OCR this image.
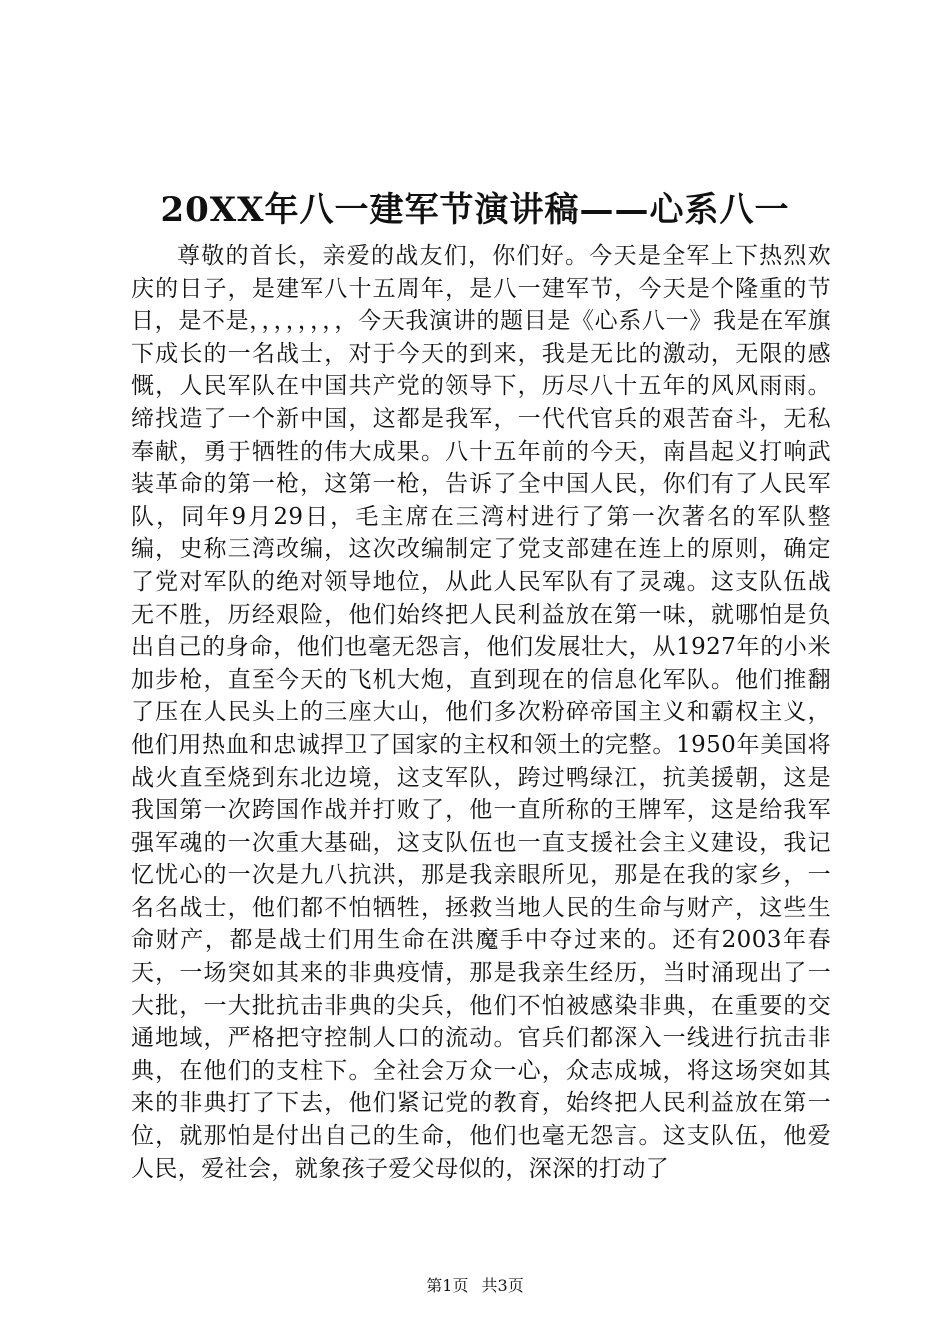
20XX年八一建军节演讲稿——心系八一

尊敬的首长，亲爱的战友们，你们好。今天是全军上下热烈欢庆的日子，是建军八十五周年，是八一建军节，今天是个隆重的节日，是不是，，，，，，，，今天我演讲的题目是《心系八一》我是在军旗下成长的一名战士，对于今天的到来，我是无比的激动，无限的感慨，人民军队在中国共产党的领导下，历尽八十五年的风风雨雨。缔找造了一个新中国，这都是我军，一代代官兵的艰苦奋斗，无私奉献，勇于牺牲的伟大成果。八十五年前的今天，南昌起义打响武装革命的第一枪，这第一枪，告诉了全中国人民，你们有了人民军队，同年9月29日，毛主席在三湾村进行了第一次著名的军队整编，史称三湾改编，这次改编制定了党支部建在连上的原则，确定了党对军队的绝对领导地位，从此人民军队有了灵魂。这支队伍战无不胜，历经艰险，他们始终把人民利益放在第一味，就哪怕是负出自己的身命，他们也毫无怨言，他们发展壮大，从1927年的小米加步枪，直至今天的飞机大炮，直到现在的信息化军队。他们推翻了压在人民头上的三座大山，他们多次粉碎帝国主义和霸权主义，他们用热血和忠诚捍卫了国家的主权和领土的完整。1950年美国将战火直至烧到东北边境，这支军队，跨过鸭绿江，抗美援朝，这是我国第一次跨国作战并打败了，他一直所称的王牌军，这是给我军强军魂的一次重大基础，这支队伍也一直支援社会主义建设，我记忆忧心的一次是九八抗洪，那是我亲眼所见，那是在我的家乡，一名名战士，他们都不怕牺牲，拯救当地人民的生命与财产，这些生命财产，都是战士们用生命在洪魔手中夺过来的。还有2003年春天，一场突如其来的非典疫情，那是我亲生经历，当时涌现出了一大批，一大批抗击非典的尖兵，他们不怕被感染非典，在重要的交通地域，严格把守控制人口的流动。官兵们都深入一线进行抗击非典，在他们的支柱下。全社会万众一心，众志成城，将这场突如其来的非典打了下去，他们紧记党的教育，始终把人民利益放在第一位，就那怕是付出自己的生命，他们也毫无怨言。这支队伍，他爱人民，爱社会，就象孩子爱父母似的，深深的打动了

第1页 共3页
